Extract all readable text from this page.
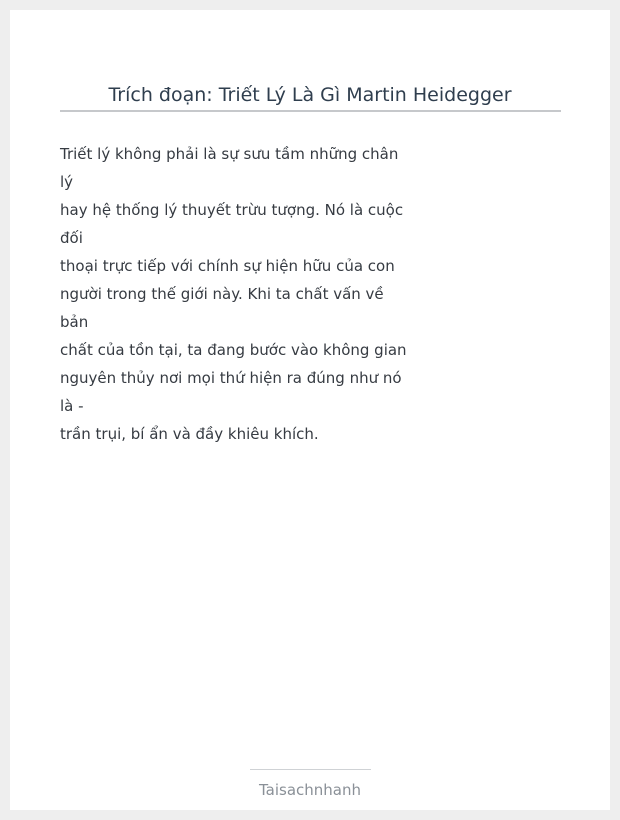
Trích đoạn: Triết Lý Là Gì Martin Heidegger
Triết lý không phải là sự sưu tầm những chân
lý
hay hệ thống lý thuyết trừu tượng. Nó là cuộc
đối
thoại trực tiếp với chính sự hiện hữu của con
người trong thế giới này. Khi ta chất vấn về
bản
chất của tồn tại, ta đang bước vào không gian
nguyên thủy nơi mọi thứ hiện ra đúng như nó
là -
trần trụi, bí ẩn và đầy khiêu khích.
Taisachnhanh
